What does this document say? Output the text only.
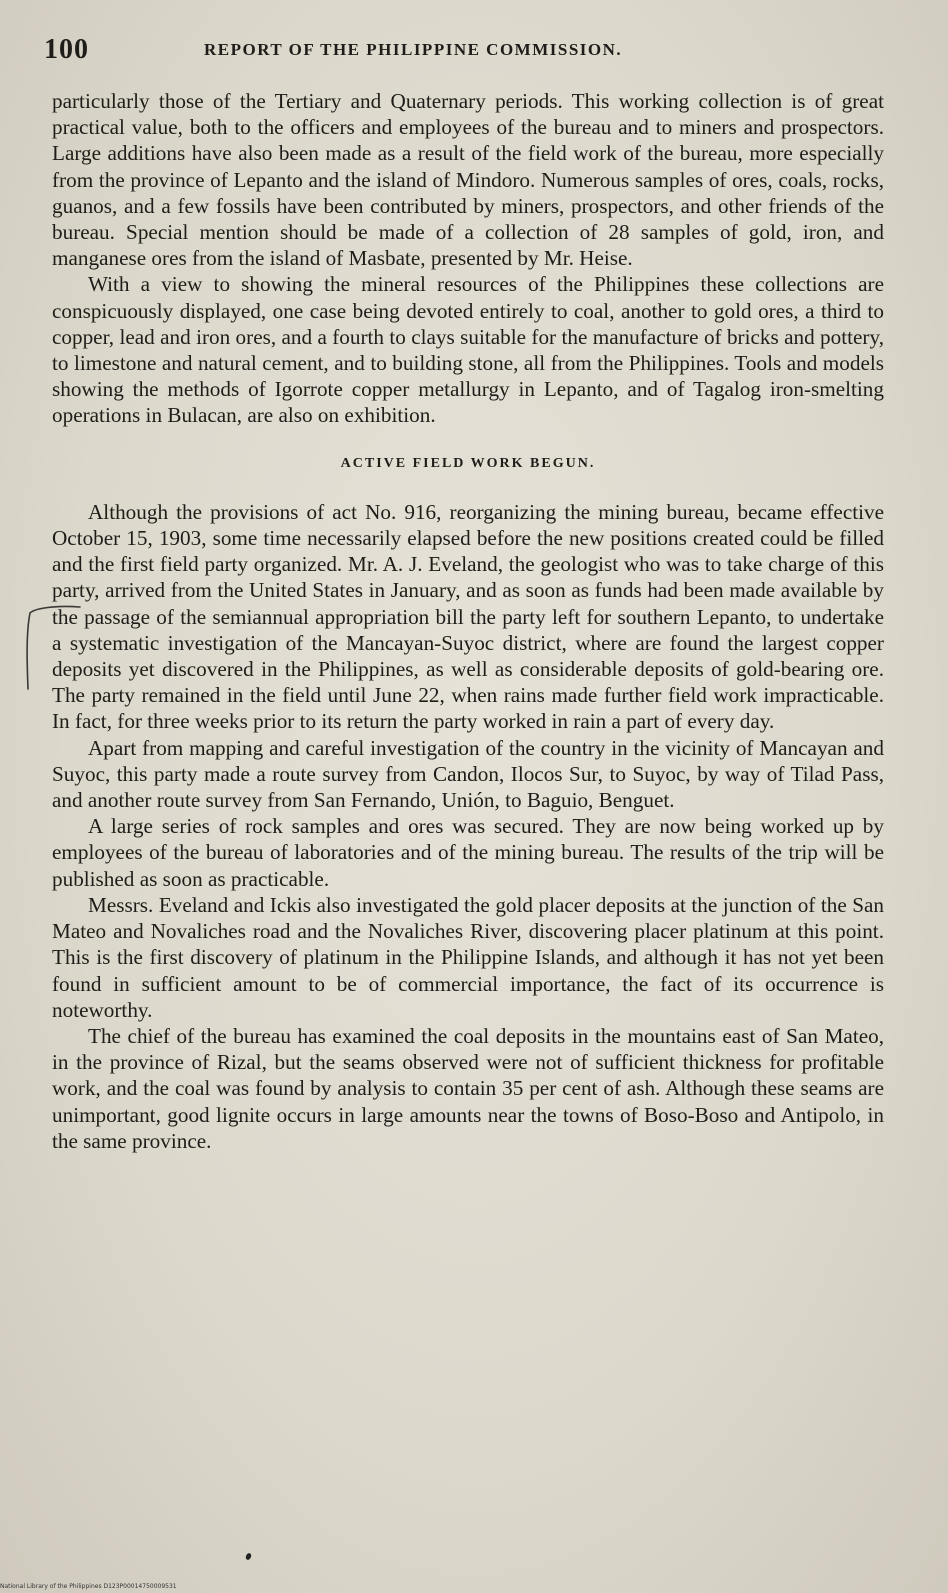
100	REPORT OF THE PHILIPPINE COMMISSION.

particularly those of the Tertiary and Quaternary periods. This working collection is of great practical value, both to the officers and employees of the bureau and to miners and prospectors. Large additions have also been made as a result of the field work of the bureau, more especially from the province of Lepanto and the island of Mindoro. Numerous samples of ores, coals, rocks, guanos, and a few fossils have been contributed by miners, prospectors, and other friends of the bureau. Special mention should be made of a collection of 28 samples of gold, iron, and manganese ores from the island of Masbate, presented by Mr. Heise.

With a view to showing the mineral resources of the Philippines these collections are conspicuously displayed, one case being devoted entirely to coal, another to gold ores, a third to copper, lead and iron ores, and a fourth to clays suitable for the manufacture of bricks and pottery, to limestone and natural cement, and to building stone, all from the Philippines. Tools and models showing the methods of Igorrote copper metallurgy in Lepanto, and of Tagalog iron-smelting operations in Bulacan, are also on exhibition.

ACTIVE FIELD WORK BEGUN.

Although the provisions of act No. 916, reorganizing the mining bureau, became effective October 15, 1903, some time necessarily elapsed before the new positions created could be filled and the first field party organized. Mr. A. J. Eveland, the geologist who was to take charge of this party, arrived from the United States in January, and as soon as funds had been made available by the passage of the semiannual appropriation bill the party left for southern Lepanto, to undertake a systematic investigation of the Mancayan-Suyoc district, where are found the largest copper deposits yet discovered in the Philippines, as well as considerable deposits of gold-bearing ore. The party remained in the field until June 22, when rains made further field work impracticable. In fact, for three weeks prior to its return the party worked in rain a part of every day.

Apart from mapping and careful investigation of the country in the vicinity of Mancayan and Suyoc, this party made a route survey from Candon, Ilocos Sur, to Suyoc, by way of Tilad Pass, and another route survey from San Fernando, Unión, to Baguio, Benguet.

A large series of rock samples and ores was secured. They are now being worked up by employees of the bureau of laboratories and of the mining bureau. The results of the trip will be published as soon as practicable.

Messrs. Eveland and Ickis also investigated the gold placer deposits at the junction of the San Mateo and Novaliches road and the Novaliches River, discovering placer platinum at this point. This is the first discovery of platinum in the Philippine Islands, and although it has not yet been found in sufficient amount to be of commercial importance, the fact of its occurrence is noteworthy.

The chief of the bureau has examined the coal deposits in the mountains east of San Mateo, in the province of Rizal, but the seams observed were not of sufficient thickness for profitable work, and the coal was found by analysis to contain 35 per cent of ash. Although these seams are unimportant, good lignite occurs in large amounts near the towns of Boso-Boso and Antipolo, in the same province.

National Library of the Philippines D123P00014750009531
